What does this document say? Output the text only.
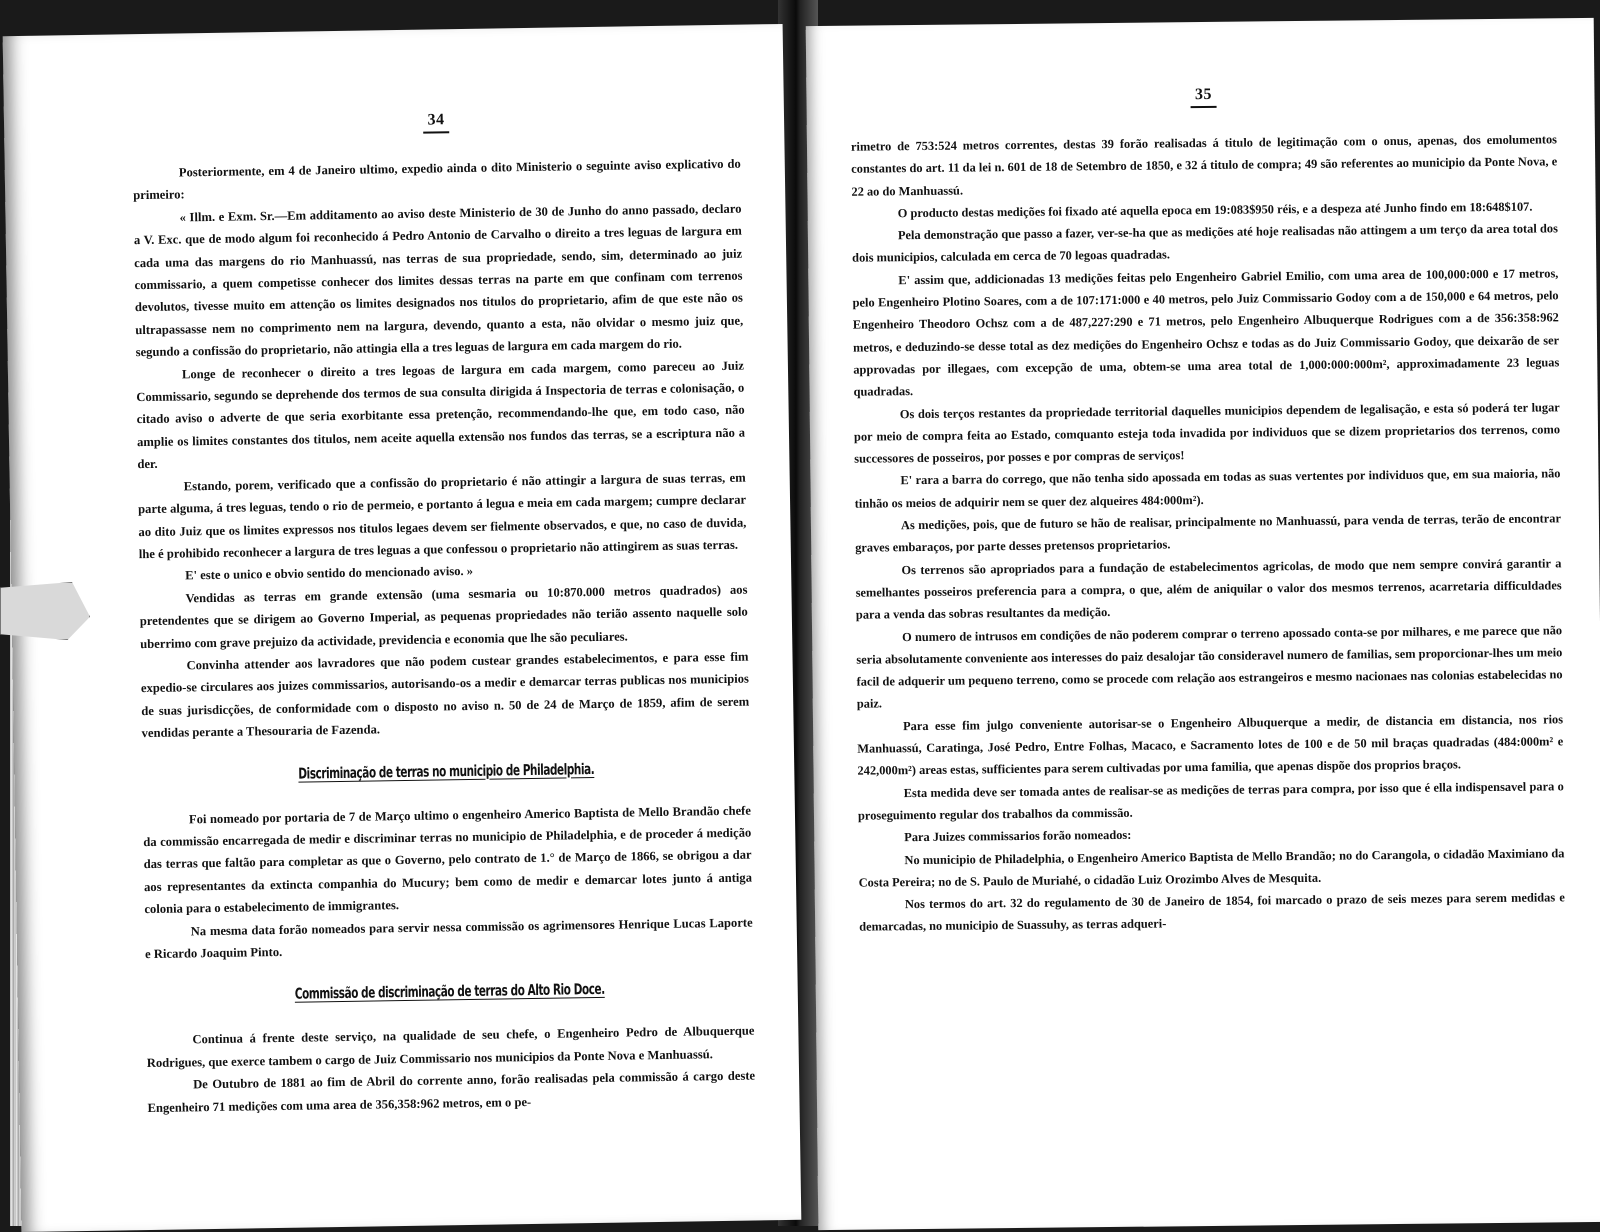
34

Posteriormente, em 4 de Janeiro ultimo, expedio ainda o dito Ministerio o seguinte aviso explicativo do primeiro:

« Illm. e Exm. Sr.—Em additamento ao aviso deste Ministerio de 30 de Junho do anno passado, declaro a V. Exc. que de modo algum foi reconhecido á Pedro Antonio de Carvalho o direito a tres leguas de largura em cada uma das margens do rio Manhuassú, nas terras de sua propriedade, sendo, sim, determinado ao juiz commissario, a quem competisse conhecer dos limites dessas terras na parte em que confinam com terrenos devolutos, tivesse muito em attenção os limites designados nos titulos do proprietario, afim de que este não os ultrapassasse nem no comprimento nem na largura, devendo, quanto a esta, não olvidar o mesmo juiz que, segundo a confissão do proprietario, não attingia ella a tres leguas de largura em cada margem do rio.

Longe de reconhecer o direito a tres legoas de largura em cada margem, como pareceu ao Juiz Commissario, segundo se deprehende dos termos de sua consulta dirigida á Inspectoria de terras e colonisação, o citado aviso o adverte de que seria exorbitante essa pretenção, recommendando-lhe que, em todo caso, não amplie os limites constantes dos titulos, nem aceite aquella extensão nos fundos das terras, se a escriptura não a der.

Estando, porem, verificado que a confissão do proprietario é não attingir a largura de suas terras, em parte alguma, á tres leguas, tendo o rio de permeio, e portanto á legua e meia em cada margem; cumpre declarar ao dito Juiz que os limites expressos nos titulos legaes devem ser fielmente observados, e que, no caso de duvida, lhe é prohibido reconhecer a largura de tres leguas a que confessou o proprietario não attingirem as suas terras.

E' este o unico e obvio sentido do mencionado aviso. »

Vendidas as terras em grande extensão (uma sesmaria ou 10:870.000 metros quadrados) aos pretendentes que se dirigem ao Governo Imperial, as pequenas propriedades não terião assento naquelle solo uberrimo com grave prejuizo da actividade, previdencia e economia que lhe são peculiares.

Convinha attender aos lavradores que não podem custear grandes estabelecimentos, e para esse fim expedio-se circulares aos juizes commissarios, autorisando-os a medir e demarcar terras publicas nos municipios de suas jurisdicções, de conformidade com o disposto no aviso n. 50 de 24 de Março de 1859, afim de serem vendidas perante a Thesouraria de Fazenda.

Discriminação de terras no municipio de Philadelphia.

Foi nomeado por portaria de 7 de Março ultimo o engenheiro Americo Baptista de Mello Brandão chefe da commissão encarregada de medir e discriminar terras no municipio de Philadelphia, e de proceder á medição das terras que faltão para completar as que o Governo, pelo contrato de 1.° de Março de 1866, se obrigou a dar aos representantes da extincta companhia do Mucury; bem como de medir e demarcar lotes junto á antiga colonia para o estabelecimento de immigrantes.

Na mesma data forão nomeados para servir nessa commissão os agrimensores Henrique Lucas Laporte e Ricardo Joaquim Pinto.

Commissão de discriminação de terras do Alto Rio Doce.

Continua á frente deste serviço, na qualidade de seu chefe, o Engenheiro Pedro de Albuquerque Rodrigues, que exerce tambem o cargo de Juiz Commissario nos municipios da Ponte Nova e Manhuassú.

De Outubro de 1881 ao fim de Abril do corrente anno, forão realisadas pela commissão á cargo deste Engenheiro 71 medições com uma area de 356,358:962 metros, em o pe-

35

rimetro de 753:524 metros correntes, destas 39 forão realisadas á titulo de legitimação com o onus, apenas, dos emolumentos constantes do art. 11 da lei n. 601 de 18 de Setembro de 1850, e 32 á titulo de compra; 49 são referentes ao municipio da Ponte Nova, e 22 ao do Manhuassú.

O producto destas medições foi fixado até aquella epoca em 19:083$950 réis, e a despeza até Junho findo em 18:648$107.

Pela demonstração que passo a fazer, ver-se-ha que as medições até hoje realisadas não attingem a um terço da area total dos dois municipios, calculada em cerca de 70 legoas quadradas.

E' assim que, addicionadas 13 medições feitas pelo Engenheiro Gabriel Emilio, com uma area de 100,000:000 e 17 metros, pelo Engenheiro Plotino Soares, com a de 107:171:000 e 40 metros, pelo Juiz Commissario Godoy com a de 150,000 e 64 metros, pelo Engenheiro Theodoro Ochsz com a de 487,227:290 e 71 metros, pelo Engenheiro Albuquerque Rodrigues com a de 356:358:962 metros, e deduzindo-se desse total as dez medições do Engenheiro Ochsz e todas as do Juiz Commissario Godoy, que deixarão de ser approvadas por illegaes, com excepção de uma, obtem-se uma area total de 1,000:000:000m², approximadamente 23 leguas quadradas.

Os dois terços restantes da propriedade territorial daquelles municipios dependem de legalisação, e esta só poderá ter lugar por meio de compra feita ao Estado, comquanto esteja toda invadida por individuos que se dizem proprietarios dos terrenos, como successores de posseiros, por posses e por compras de serviços!

E' rara a barra do corrego, que não tenha sido apossada em todas as suas vertentes por individuos que, em sua maioria, não tinhão os meios de adquirir nem se quer dez alqueires 484:000m²).

As medições, pois, que de futuro se hão de realisar, principalmente no Manhuassú, para venda de terras, terão de encontrar graves embaraços, por parte desses pretensos proprietarios.

Os terrenos são apropriados para a fundação de estabelecimentos agricolas, de modo que nem sempre convirá garantir a semelhantes posseiros preferencia para a compra, o que, além de aniquilar o valor dos mesmos terrenos, acarretaria difficuldades para a venda das sobras resultantes da medição.

O numero de intrusos em condições de não poderem comprar o terreno apossado conta-se por milhares, e me parece que não seria absolutamente conveniente aos interesses do paiz desalojar tão consideravel numero de familias, sem proporcionar-lhes um meio facil de adquerir um pequeno terreno, como se procede com relação aos estrangeiros e mesmo nacionaes nas colonias estabelecidas no paiz.

Para esse fim julgo conveniente autorisar-se o Engenheiro Albuquerque a medir, de distancia em distancia, nos rios Manhuassú, Caratinga, José Pedro, Entre Folhas, Macaco, e Sacramento lotes de 100 e de 50 mil braças quadradas (484:000m² e 242,000m²) areas estas, sufficientes para serem cultivadas por uma familia, que apenas dispõe dos proprios braços.

Esta medida deve ser tomada antes de realisar-se as medições de terras para compra, por isso que é ella indispensavel para o proseguimento regular dos trabalhos da commissão.

Para Juizes commissarios forão nomeados:

No municipio de Philadelphia, o Engenheiro Americo Baptista de Mello Brandão; no do Carangola, o cidadão Maximiano da Costa Pereira; no de S. Paulo de Muriahé, o cidadão Luiz Orozimbo Alves de Mesquita.

Nos termos do art. 32 do regulamento de 30 de Janeiro de 1854, foi marcado o prazo de seis mezes para serem medidas e demarcadas, no municipio de Suassuhy, as terras adqueri-
